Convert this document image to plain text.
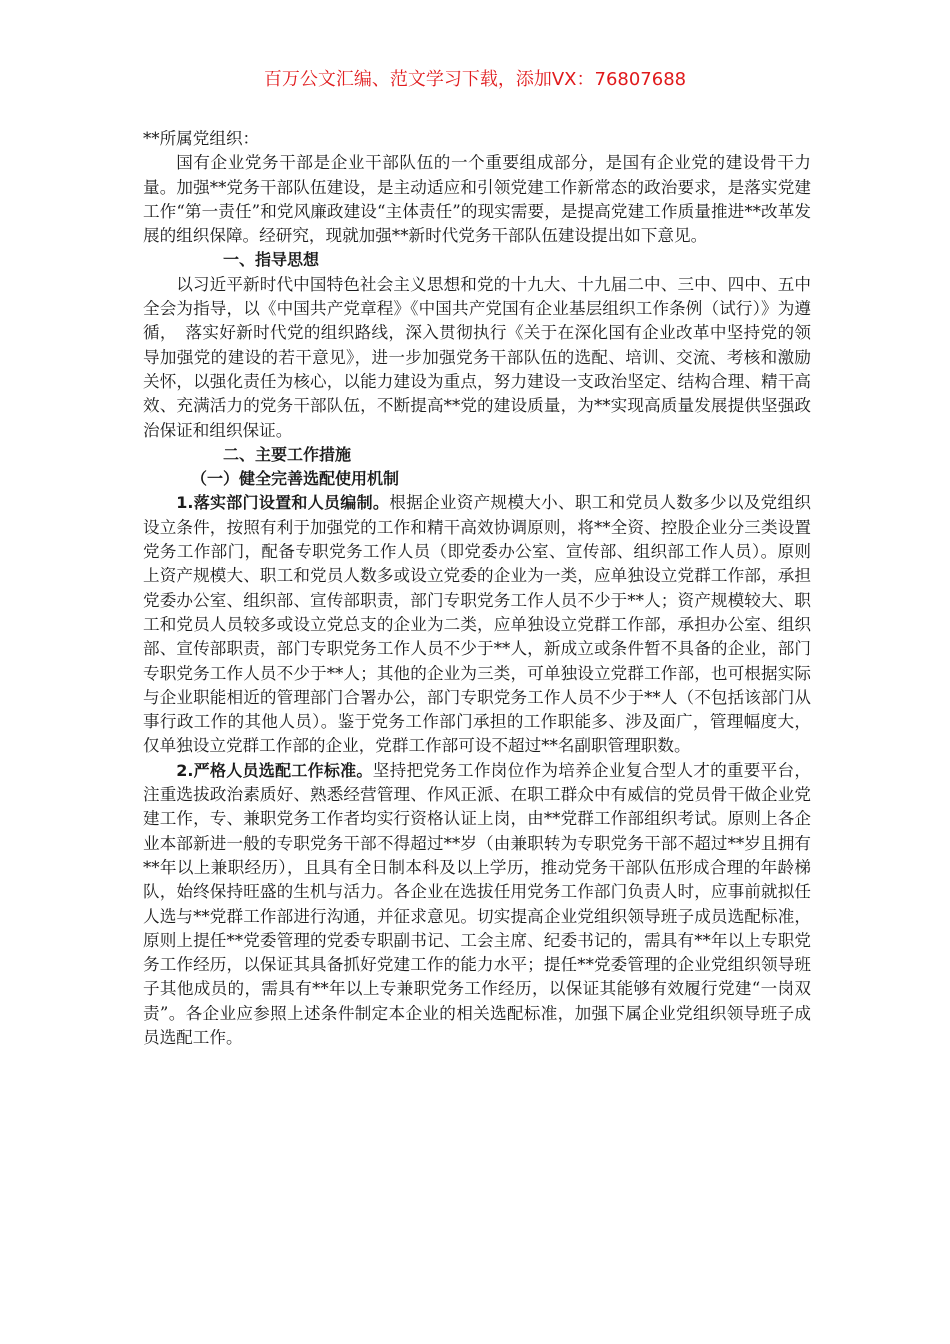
百万公文汇编、范文学习下载，添加VX：76807688

**所属党组织：

国有企业党务干部是企业干部队伍的一个重要组成部分，是国有企业党的建设骨干力量。加强**党务干部队伍建设，是主动适应和引领党建工作新常态的政治要求，是落实党建工作“第一责任”和党风廉政建设“主体责任”的现实需要，是提高党建工作质量推进**改革发展的组织保障。经研究，现就加强**新时代党务干部队伍建设提出如下意见。

一、指导思想

以习近平新时代中国特色社会主义思想和党的十九大、十九届二中、三中、四中、五中全会为指导，以《中国共产党章程》《中国共产党国有企业基层组织工作条例（试行）》为遵循，　落实好新时代党的组织路线，深入贯彻执行《关于在深化国有企业改革中坚持党的领导加强党的建设的若干意见》，进一步加强党务干部队伍的选配、培训、交流、考核和激励关怀，以强化责任为核心，以能力建设为重点，努力建设一支政治坚定、结构合理、精干高效、充满活力的党务干部队伍，不断提高**党的建设质量，为**实现高质量发展提供坚强政治保证和组织保证。

二、主要工作措施

（一）健全完善选配使用机制

1.落实部门设置和人员编制。根据企业资产规模大小、职工和党员人数多少以及党组织设立条件，按照有利于加强党的工作和精干高效协调原则，将**全资、控股企业分三类设置党务工作部门，配备专职党务工作人员（即党委办公室、宣传部、组织部工作人员）。原则上资产规模大、职工和党员人数多或设立党委的企业为一类，应单独设立党群工作部，承担党委办公室、组织部、宣传部职责，部门专职党务工作人员不少于**人；资产规模较大、职工和党员人员较多或设立党总支的企业为二类，应单独设立党群工作部，承担办公室、组织部、宣传部职责，部门专职党务工作人员不少于**人，新成立或条件暂不具备的企业，部门专职党务工作人员不少于**人；其他的企业为三类，可单独设立党群工作部，也可根据实际与企业职能相近的管理部门合署办公，部门专职党务工作人员不少于**人（不包括该部门从事行政工作的其他人员）。鉴于党务工作部门承担的工作职能多、涉及面广，管理幅度大，仅单独设立党群工作部的企业，党群工作部可设不超过**名副职管理职数。

2.严格人员选配工作标准。坚持把党务工作岗位作为培养企业复合型人才的重要平台，注重选拔政治素质好、熟悉经营管理、作风正派、在职工群众中有威信的党员骨干做企业党建工作，专、兼职党务工作者均实行资格认证上岗，由**党群工作部组织考试。原则上各企业本部新进一般的专职党务干部不得超过**岁（由兼职转为专职党务干部不超过**岁且拥有**年以上兼职经历），且具有全日制本科及以上学历，推动党务干部队伍形成合理的年龄梯队，始终保持旺盛的生机与活力。各企业在选拔任用党务工作部门负责人时，应事前就拟任人选与**党群工作部进行沟通，并征求意见。切实提高企业党组织领导班子成员选配标准，原则上提任**党委管理的党委专职副书记、工会主席、纪委书记的，需具有**年以上专职党务工作经历，以保证其具备抓好党建工作的能力水平；提任**党委管理的企业党组织领导班子其他成员的，需具有**年以上专兼职党务工作经历，以保证其能够有效履行党建“一岗双责”。各企业应参照上述条件制定本企业的相关选配标准，加强下属企业党组织领导班子成员选配工作。
